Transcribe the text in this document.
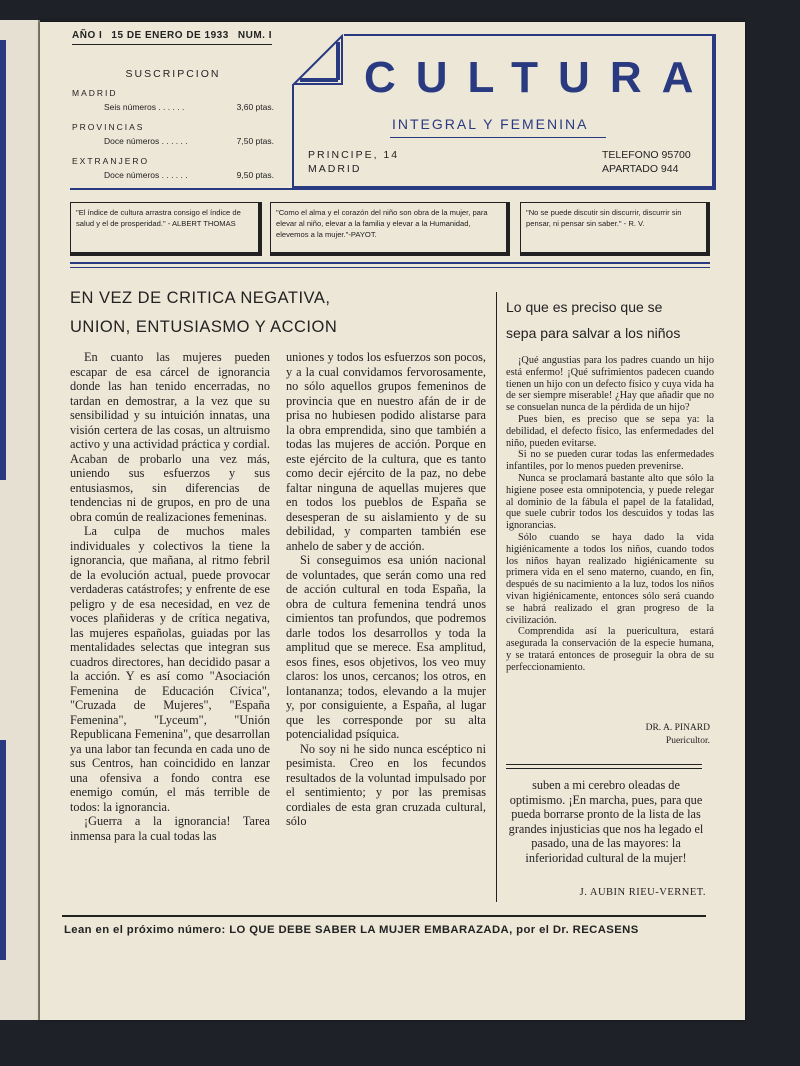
AÑO I 15 DE ENERO DE 1933 NUM. I
SUSCRIPCION
MADRID
Seis números . . . . . .	3,60 ptas.
PROVINCIAS
Doce números . . . . . .	7,50 ptas.
EXTRANJERO
Doce números . . . . . .	9,50 ptas.
CULTURA
INTEGRAL Y FEMENINA
PRINCIPE, 14
MADRID
TELEFONO 95700
APARTADO 944
"El índice de cultura arrastra consigo el índice de salud y el de prosperidad." - ALBERT THOMAS
"Como el alma y el corazón del niño son obra de la mujer, para elevar al niño, elevar a la familia y elevar a la Humanidad, elevemos a la mujer."-PAYOT.
"No se puede discutir sin discurrir, discurrir sin pensar, ni pensar sin saber." - R. V.
EN VEZ DE CRITICA NEGATIVA,
UNION, ENTUSIASMO Y ACCION

En cuanto las mujeres pueden escapar de esa cárcel de ignorancia donde las han tenido encerradas, no tardan en demostrar, a la vez que su sensibilidad y su intuición innatas, una visión certera de las cosas, un altruismo activo y una actividad práctica y cordial. Acaban de probarlo una vez más, uniendo sus esfuerzos y sus entusiasmos, sin diferencias de tendencias ni de grupos, en pro de una obra común de realizaciones femeninas.

La culpa de muchos males individuales y colectivos la tiene la ignorancia, que mañana, al ritmo febril de la evolución actual, puede provocar verdaderas catástrofes; y enfrente de ese peligro y de esa necesidad, en vez de voces plañideras y de crítica negativa, las mujeres españolas, guiadas por las mentalidades selectas que integran sus cuadros directores, han decidido pasar a la acción. Y es así como "Asociación Femenina de Educación Cívica", "Cruzada de Mujeres", "España Femenina", "Lyceum", "Unión Republicana Femenina", que desarrollan ya una labor tan fecunda en cada uno de sus Centros, han coincidido en lanzar una ofensiva a fondo contra ese enemigo común, el más terrible de todos: la ignorancia.

¡Guerra a la ignorancia! Tarea inmensa para la cual todas las

uniones y todos los esfuerzos son pocos, y a la cual convidamos fervorosamente, no sólo aquellos grupos femeninos de provincia que en nuestro afán de ir de prisa no hubiesen podido alistarse para la obra emprendida, sino que también a todas las mujeres de acción. Porque en este ejército de la cultura, que es tanto como decir ejército de la paz, no debe faltar ninguna de aquellas mujeres que en todos los pueblos de España se desesperan de su aislamiento y de su debilidad, y comparten también ese anhelo de saber y de acción.

Si conseguimos esa unión nacional de voluntades, que serán como una red de acción cultural en toda España, la obra de cultura femenina tendrá unos cimientos tan profundos, que podremos darle todos los desarrollos y toda la amplitud que se merece. Esa amplitud, esos fines, esos objetivos, los veo muy claros: los unos, cercanos; los otros, en lontananza; todos, elevando a la mujer y, por consiguiente, a España, al lugar que les corresponde por su alta potencialidad psíquica.

No soy ni he sido nunca escéptico ni pesimista. Creo en los fecundos resultados de la voluntad impulsado por el sentimiento; y por las premisas cordiales de esta gran cruzada cultural, sólo

Lo que es preciso que se
sepa para salvar a los niños

¡Qué angustias para los padres cuando un hijo está enfermo! ¡Qué sufrimientos padecen cuando tienen un hijo con un defecto físico y cuya vida ha de ser siempre miserable! ¿Hay que añadir que no se consuelan nunca de la pérdida de un hijo?

Pues bien, es preciso que se sepa ya: la debilidad, el defecto físico, las enfermedades del niño, pueden evitarse.

Si no se pueden curar todas las enfermedades infantiles, por lo menos pueden prevenirse.

Nunca se proclamará bastante alto que sólo la higiene posee esta omnipotencia, y puede relegar al dominio de la fábula el papel de la fatalidad, que suele cubrir todos los descuidos y todas las ignorancias.

Sólo cuando se haya dado la vida higiénicamente a todos los niños, cuando todos los niños hayan realizado higiénicamente su primera vida en el seno materno, cuando, en fin, después de su nacimiento a la luz, todos los niños vivan higiénicamente, entonces sólo será cuando se habrá realizado el gran progreso de la civilización.

Comprendida así la puericultura, estará asegurada la conservación de la especie humana, y se tratará entonces de proseguir la obra de su perfeccionamiento.

DR. A. PINARD
Puericultor.
suben a mi cerebro oleadas de optimismo. ¡En marcha, pues, para que pueda borrarse pronto de la lista de las grandes injusticias que nos ha legado el pasado, una de las mayores: la inferioridad cultural de la mujer!
J. AUBIN RIEU-VERNET.
Lean en el próximo número: LO QUE DEBE SABER LA MUJER EMBARAZADA, por el Dr. RECASENS
